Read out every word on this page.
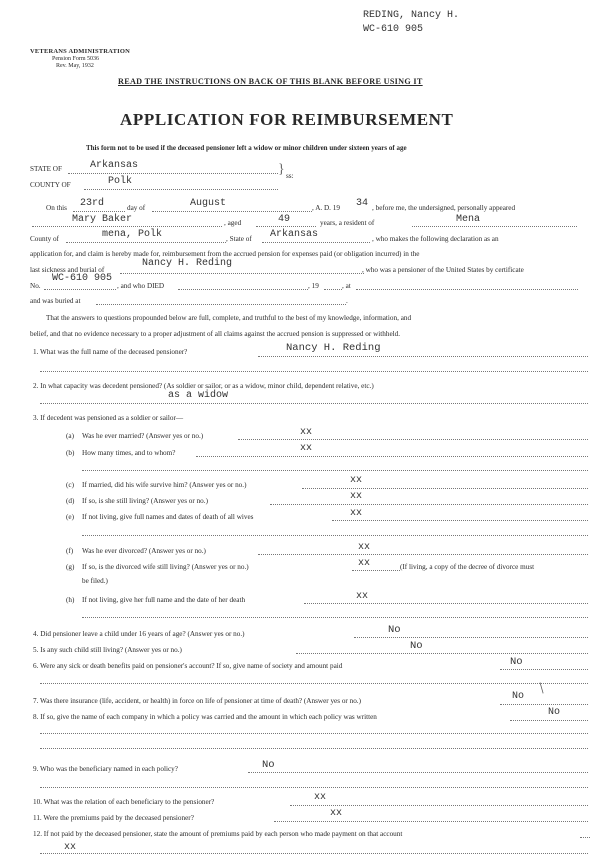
REDING, Nancy H.
WC-610 905
VETERANS ADMINISTRATION
Pension Form 5036
Rev. May, 1932
READ THE INSTRUCTIONS ON BACK OF THIS BLANK BEFORE USING IT
APPLICATION FOR REIMBURSEMENT
This form not to be used if the deceased pensioner left a widow or minor children under sixteen years of age
STATE OF	Arkansas
COUNTY OF	Polk
} ss:
On this 23rd	day of	August	, A. D. 19 34 , before me, the undersigned, personally appeared
Mary Baker	, aged	49	years, a resident of	Mena
County of	mena, Polk	, State of Arkansas	, who makes the following declaration as an
application for, and claim is hereby made for, reimbursement from the accrued pension for expenses paid (or obligation incurred) in the
last sickness and burial of
Nancy H. Reding
, who was a pensioner of the United States by certificate
No.
WC-610 905
, and who DIED	, 19	, at
and was buried at	.
That the answers to questions propounded below are full, complete, and truthful to the best of my knowledge, information, and
belief, and that no evidence necessary to a proper adjustment of all claims against the accrued pension is suppressed or withheld.
1. What was the full name of the deceased pensioner?	Nancy H. Reding
2. In what capacity was decedent pensioned? (As soldier or sailor, or as a widow, minor child, dependent relative, etc.)
as a widow
3. If decedent was pensioned as a soldier or sailor—
(a) Was he ever married? (Answer yes or no.)	xx
(b) How many times, and to whom?	xx
(c) If married, did his wife survive him? (Answer yes or no.)	xx
(d) If so, is she still living? (Answer yes or no.)	xx
(e) If not living, give full names and dates of death of all wives	xx
(f) Was he ever divorced? (Answer yes or no.)	xx
(g) If so, is the divorced wife still living? (Answer yes or no.)	xx	(If living, a copy of the decree of divorce must
be filed.)
(h) If not living, give her full name and the date of her death	xx
4. Did pensioner leave a child under 16 years of age? (Answer yes or no.)	No
5. Is any such child still living? (Answer yes or no.)	No
6. Were any sick or death benefits paid on pensioner's account? If so, give name of society and amount paid	No
7. Was there insurance (life, accident, or health) in force on life of pensioner at time of death? (Answer yes or no.)	No /
8. If so, give the name of each company in which a policy was carried and the amount in which each policy was written	No
9. Who was the beneficiary named in each policy?	No
10. What was the relation of each beneficiary to the pensioner?	xx
11. Were the premiums paid by the deceased pensioner?	xx
12. If not paid by the deceased pensioner, state the amount of premiums paid by each person who made payment on that account
xx
